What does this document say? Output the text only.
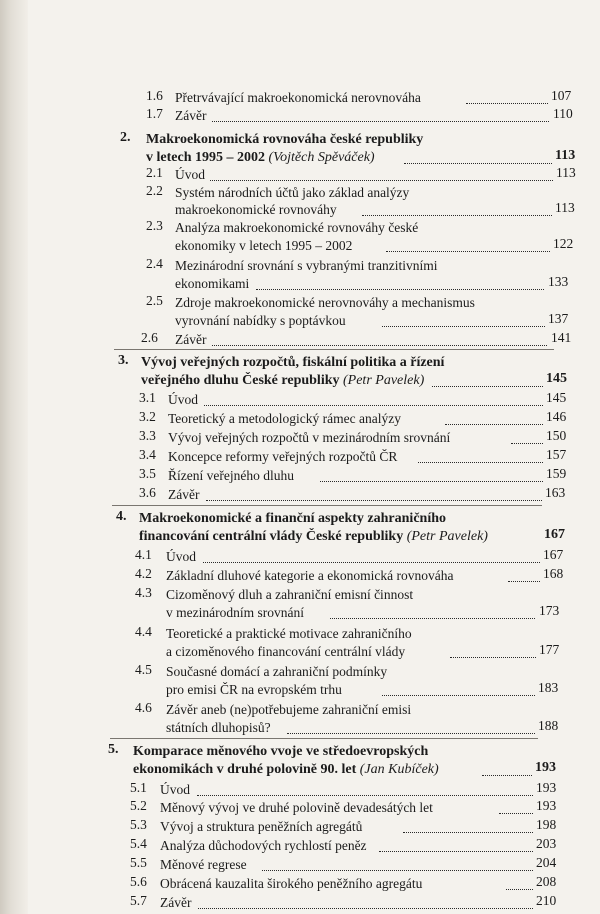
1.6 Přetrvávající makroekonomická nerovnováha	107
1.7 Závěr	110
2. Makroekonomická rovnováha české republiky
v letech 1995 – 2002 (Vojtěch Spěváček)	113
2.1 Úvod	113
2.2 Systém národních účtů jako základ analýzy
makroekonomické rovnováhy	113
2.3 Analýza makroekonomické rovnováhy české
ekonomiky v letech 1995 – 2002	122
2.4 Mezinárodní srovnání s vybranými tranzitivními
ekonomikami	133
2.5 Zdroje makroekonomické nerovnováhy a mechanismus
vyrovnání nabídky s poptávkou	137
2.6 Závěr	141
3. Vývoj veřejných rozpočtů, fiskální politika a řízení
veřejného dluhu České republiky (Petr Pavelek)	145
3.1 Úvod	145
3.2 Teoretický a metodologický rámec analýzy	146
3.3 Vývoj veřejných rozpočtů v mezinárodním srovnání	150
3.4 Koncepce reformy veřejných rozpočtů ČR	157
3.5 Řízení veřejného dluhu	159
3.6 Závěr	163
4. Makroekonomické a finanční aspekty zahraničního
financování centrální vlády České republiky (Petr Pavelek)	167
4.1 Úvod	167
4.2 Základní dluhové kategorie a ekonomická rovnováha	168
4.3 Cizoměnový dluh a zahraniční emisní činnost
v mezinárodním srovnání	173
4.4 Teoretické a praktické motivace zahraničního
a cizoměnového financování centrální vlády	177
4.5 Současné domácí a zahraniční podmínky
pro emisi ČR na evropském trhu	183
4.6 Závěr aneb (ne)potřebujeme zahraniční emisi
státních dluhopisů?	188
5. Komparace měnového vvoje ve středoevropských
ekonomikách v druhé polovině 90. let (Jan Kubíček)	193
5.1 Úvod	193
5.2 Měnový vývoj ve druhé polovině devadesátých let	193
5.3 Vývoj a struktura peněžních agregátů	198
5.4 Analýza důchodových rychlostí peněz	203
5.5 Měnové regrese	204
5.6 Obrácená kauzalita širokého peněžního agregátu	208
5.7 Závěr	210
